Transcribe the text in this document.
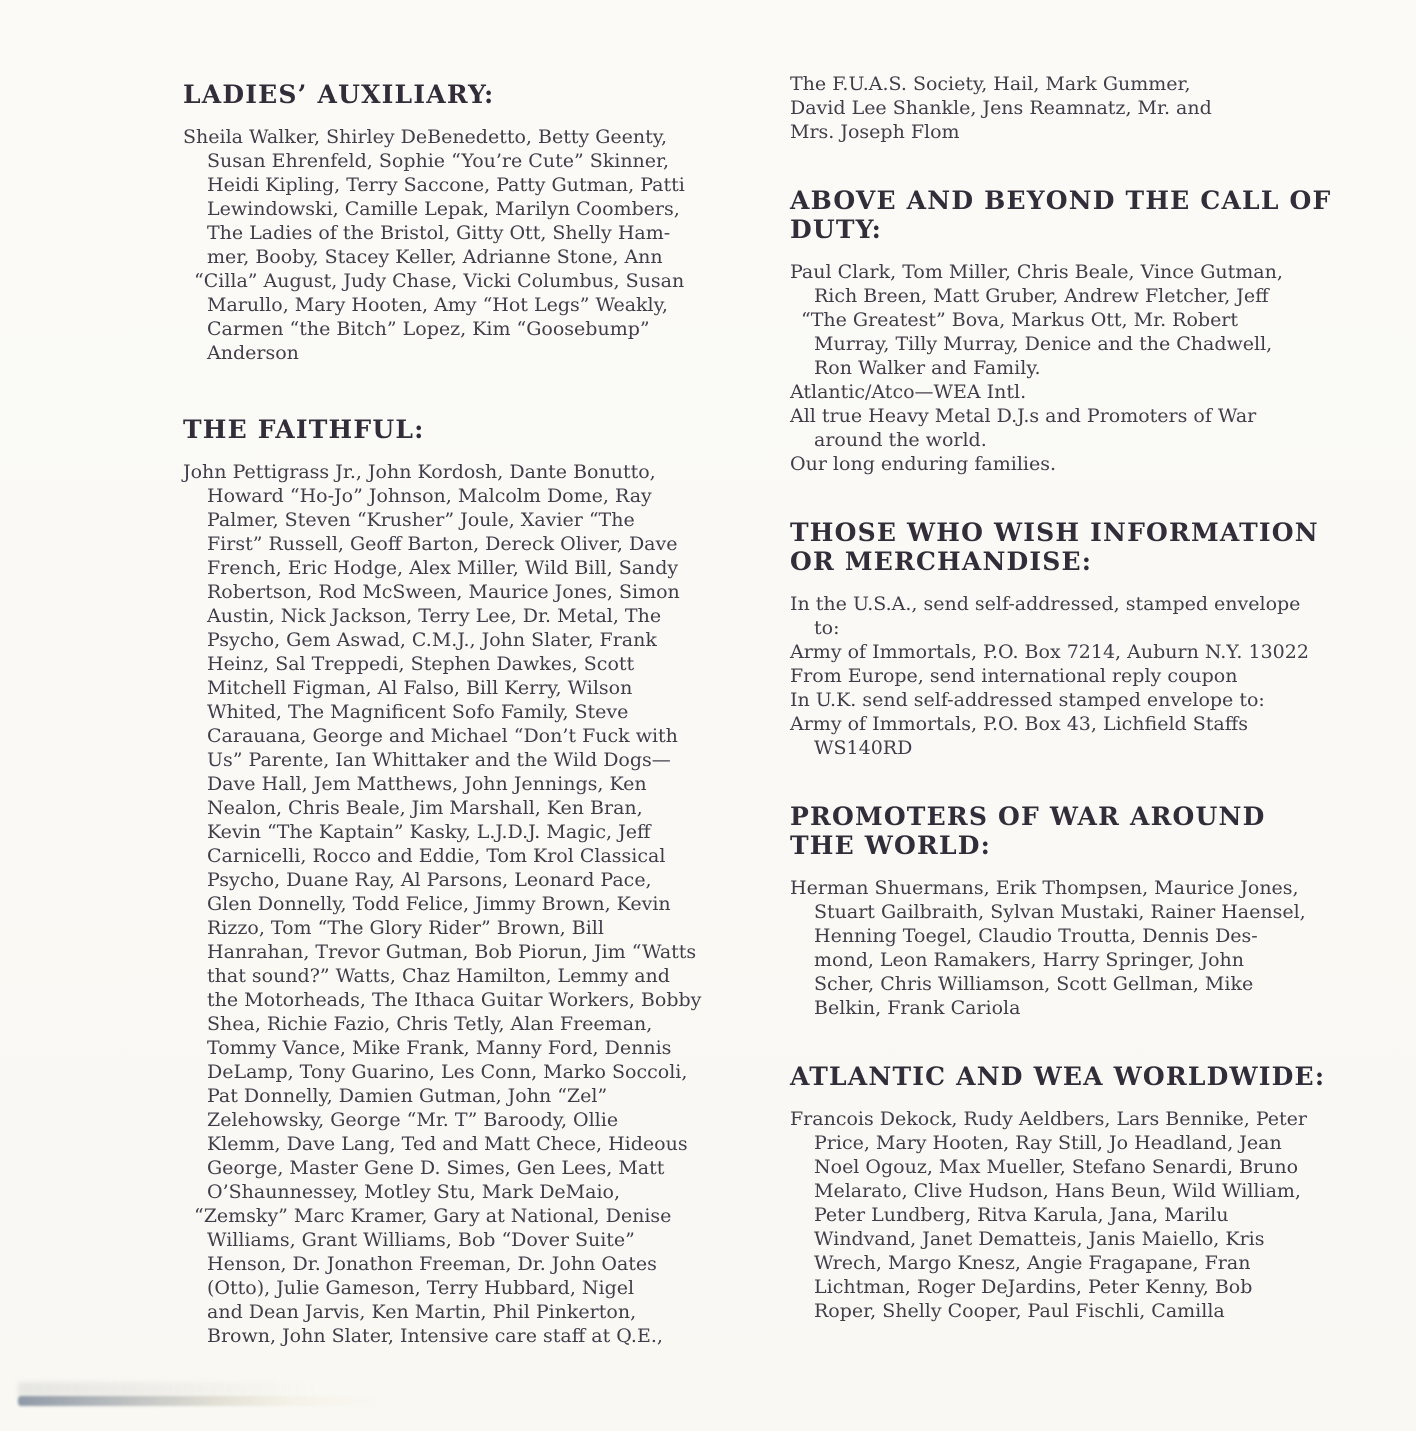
LADIES’ AUXILIARY:
Sheila Walker, Shirley DeBenedetto, Betty Geenty,
Susan Ehrenfeld, Sophie “You’re Cute” Skinner,
Heidi Kipling, Terry Saccone, Patty Gutman, Patti
Lewindowski, Camille Lepak, Marilyn Coombers,
The Ladies of the Bristol, Gitty Ott, Shelly Ham-
mer, Booby, Stacey Keller, Adrianne Stone, Ann
“Cilla” August, Judy Chase, Vicki Columbus, Susan
Marullo, Mary Hooten, Amy “Hot Legs” Weakly,
Carmen “the Bitch” Lopez, Kim “Goosebump”
Anderson
THE FAITHFUL:
John Pettigrass Jr., John Kordosh, Dante Bonutto,
Howard “Ho-Jo” Johnson, Malcolm Dome, Ray
Palmer, Steven “Krusher” Joule, Xavier “The
First” Russell, Geoff Barton, Dereck Oliver, Dave
French, Eric Hodge, Alex Miller, Wild Bill, Sandy
Robertson, Rod McSween, Maurice Jones, Simon
Austin, Nick Jackson, Terry Lee, Dr. Metal, The
Psycho, Gem Aswad, C.M.J., John Slater, Frank
Heinz, Sal Treppedi, Stephen Dawkes, Scott
Mitchell Figman, Al Falso, Bill Kerry, Wilson
Whited, The Magnificent Sofo Family, Steve
Carauana, George and Michael “Don’t Fuck with
Us” Parente, Ian Whittaker and the Wild Dogs—
Dave Hall, Jem Matthews, John Jennings, Ken
Nealon, Chris Beale, Jim Marshall, Ken Bran,
Kevin “The Kaptain” Kasky, L.J.D.J. Magic, Jeff
Carnicelli, Rocco and Eddie, Tom Krol Classical
Psycho, Duane Ray, Al Parsons, Leonard Pace,
Glen Donnelly, Todd Felice, Jimmy Brown, Kevin
Rizzo, Tom “The Glory Rider” Brown, Bill
Hanrahan, Trevor Gutman, Bob Piorun, Jim “Watts
that sound?” Watts, Chaz Hamilton, Lemmy and
the Motorheads, The Ithaca Guitar Workers, Bobby
Shea, Richie Fazio, Chris Tetly, Alan Freeman,
Tommy Vance, Mike Frank, Manny Ford, Dennis
DeLamp, Tony Guarino, Les Conn, Marko Soccoli,
Pat Donnelly, Damien Gutman, John “Zel”
Zelehowsky, George “Mr. T” Baroody, Ollie
Klemm, Dave Lang, Ted and Matt Chece, Hideous
George, Master Gene D. Simes, Gen Lees, Matt
O’Shaunnessey, Motley Stu, Mark DeMaio,
“Zemsky” Marc Kramer, Gary at National, Denise
Williams, Grant Williams, Bob “Dover Suite”
Henson, Dr. Jonathon Freeman, Dr. John Oates
(Otto), Julie Gameson, Terry Hubbard, Nigel
and Dean Jarvis, Ken Martin, Phil Pinkerton,
Brown, John Slater, Intensive care staff at Q.E.,
The F.U.A.S. Society, Hail, Mark Gummer,
David Lee Shankle, Jens Reamnatz, Mr. and
Mrs. Joseph Flom
ABOVE AND BEYOND THE CALL OF
DUTY:
Paul Clark, Tom Miller, Chris Beale, Vince Gutman,
Rich Breen, Matt Gruber, Andrew Fletcher, Jeff
“The Greatest” Bova, Markus Ott, Mr. Robert
Murray, Tilly Murray, Denice and the Chadwell,
Ron Walker and Family.
Atlantic/Atco—WEA Intl.
All true Heavy Metal D.J.s and Promoters of War
around the world.
Our long enduring families.
THOSE WHO WISH INFORMATION
OR MERCHANDISE:
In the U.S.A., send self-addressed, stamped envelope
to:
Army of Immortals, P.O. Box 7214, Auburn N.Y. 13022
From Europe, send international reply coupon
In U.K. send self-addressed stamped envelope to:
Army of Immortals, P.O. Box 43, Lichfield Staffs
WS140RD
PROMOTERS OF WAR AROUND
THE WORLD:
Herman Shuermans, Erik Thompsen, Maurice Jones,
Stuart Gailbraith, Sylvan Mustaki, Rainer Haensel,
Henning Toegel, Claudio Troutta, Dennis Des-
mond, Leon Ramakers, Harry Springer, John
Scher, Chris Williamson, Scott Gellman, Mike
Belkin, Frank Cariola
ATLANTIC AND WEA WORLDWIDE:
Francois Dekock, Rudy Aeldbers, Lars Bennike, Peter
Price, Mary Hooten, Ray Still, Jo Headland, Jean
Noel Ogouz, Max Mueller, Stefano Senardi, Bruno
Melarato, Clive Hudson, Hans Beun, Wild William,
Peter Lundberg, Ritva Karula, Jana, Marilu
Windvand, Janet Dematteis, Janis Maiello, Kris
Wrech, Margo Knesz, Angie Fragapane, Fran
Lichtman, Roger DeJardins, Peter Kenny, Bob
Roper, Shelly Cooper, Paul Fischli, Camilla
